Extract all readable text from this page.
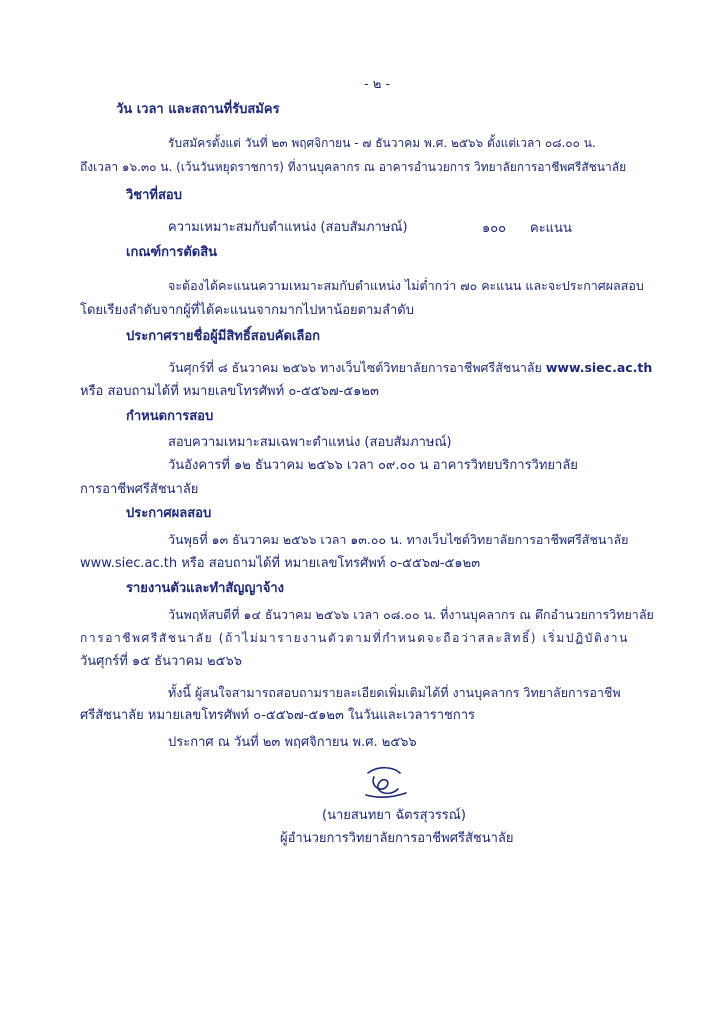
- ๒ -
วัน เวลา และสถานที่รับสมัคร
รับสมัครตั้งแต่ วันที่ ๒๓ พฤศจิกายน - ๗ ธันวาคม พ.ศ. ๒๕๖๖ ตั้งแต่เวลา ๐๘.๐๐ น.
ถึงเวลา ๑๖.๓๐ น. (เว้นวันหยุดราชการ) ที่งานบุคลากร ณ อาคารอำนวยการ วิทยาลัยการอาชีพศรีสัชนาลัย
วิชาที่สอบ
ความเหมาะสมกับตำแหน่ง (สอบสัมภาษณ์)	๑๐๐ คะแนน
เกณฑ์การตัดสิน
จะต้องได้คะแนนความเหมาะสมกับตำแหน่ง ไม่ต่ำกว่า ๗๐ คะแนน และจะประกาศผลสอบ
โดยเรียงลำดับจากผู้ที่ได้คะแนนจากมากไปหาน้อยตามลำดับ
ประกาศรายชื่อผู้มีสิทธิ์สอบคัดเลือก
วันศุกร์ที่ ๘ ธันวาคม ๒๕๖๖ ทางเว็บไซต์วิทยาลัยการอาชีพศรีสัชนาลัย www.siec.ac.th
หรือ สอบถามได้ที่ หมายเลขโทรศัพท์ ๐-๕๕๖๗-๕๑๒๓
กำหนดการสอบ
สอบความเหมาะสมเฉพาะตำแหน่ง (สอบสัมภาษณ์)
วันอังคารที่ ๑๒ ธันวาคม ๒๕๖๖ เวลา ๐๙.๐๐ น อาคารวิทยบริการวิทยาลัย
การอาชีพศรีสัชนาลัย
ประกาศผลสอบ
วันพุธที่ ๑๓ ธันวาคม ๒๕๖๖ เวลา ๑๓.๐๐ น. ทางเว็บไซต์วิทยาลัยการอาชีพศรีสัชนาลัย
www.siec.ac.th หรือ สอบถามได้ที่ หมายเลขโทรศัพท์ ๐-๕๕๖๗-๕๑๒๓
รายงานตัวและทำสัญญาจ้าง
วันพฤหัสบดีที่ ๑๔ ธันวาคม ๒๕๖๖ เวลา ๐๘.๐๐ น. ที่งานบุคลากร ณ ตึกอำนวยการวิทยาลัย
การอาชีพศรีสัชนาลัย (ถ้าไม่มารายงานตัวตามที่กำหนดจะถือว่าสละสิทธิ์) เริ่มปฏิบัติงาน
วันศุกร์ที่ ๑๕ ธันวาคม ๒๕๖๖
ทั้งนี้ ผู้สนใจสามารถสอบถามรายละเอียดเพิ่มเติมได้ที่ งานบุคลากร วิทยาลัยการอาชีพ
ศรีสัชนาลัย หมายเลขโทรศัพท์ ๐-๕๕๖๗-๕๑๒๓ ในวันและเวลาราชการ
ประกาศ ณ วันที่ ๒๓ พฤศจิกายน พ.ศ. ๒๕๖๖
(นายสนทยา ฉัตรสุวรรณ์)
ผู้อำนวยการวิทยาลัยการอาชีพศรีสัชนาลัย
